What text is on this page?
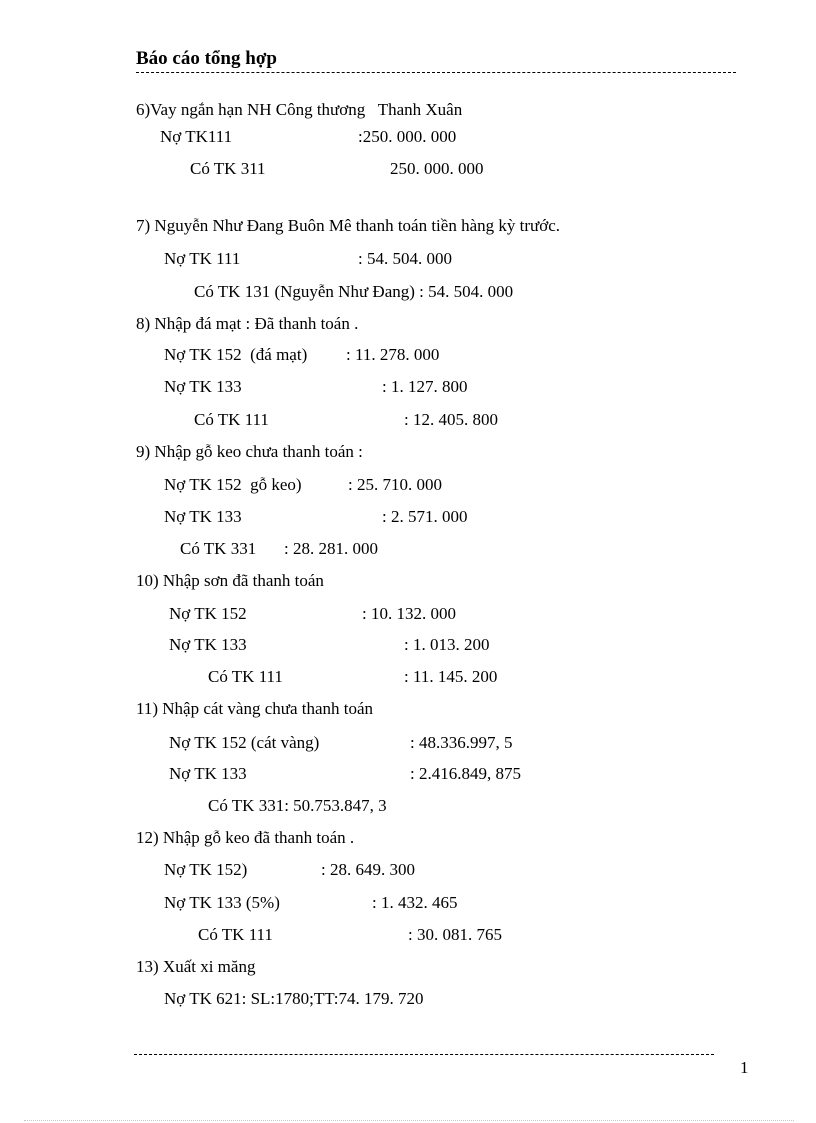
Báo cáo tổng hợp
6)Vay ngắn hạn NH Công thương   Thanh Xuân
Nợ TK111	:250. 000. 000
Có TK 311	250. 000. 000
7) Nguyễn Như Đang Buôn Mê thanh toán tiền hàng kỳ trước.
Nợ TK 111	: 54. 504. 000
Có TK 131 (Nguyễn Như Đang) : 54. 504. 000
8) Nhập đá mạt : Đã thanh toán .
Nợ TK 152  (đá mạt) : 11. 278. 000
Nợ TK 133	: 1. 127. 800
Có TK 111	: 12. 405. 800
9) Nhập gỗ keo chưa thanh toán :
Nợ TK 152  gỗ keo)	: 25. 710. 000
Nợ TK 133	: 2. 571. 000
Có TK 331 : 28. 281. 000
10) Nhập sơn đã thanh toán
Nợ TK 152	: 10. 132. 000
Nợ TK 133	: 1. 013. 200
Có TK 111	: 11. 145. 200
11) Nhập cát vàng chưa thanh toán
Nợ TK 152 (cát vàng)	: 48.336.997, 5
Nợ TK 133	: 2.416.849, 875
Có TK 331: 50.753.847, 3
12) Nhập gỗ keo đã thanh toán .
Nợ TK 152)	: 28. 649. 300
Nợ TK 133 (5%)	: 1. 432. 465
Có TK 111	: 30. 081. 765
13) Xuất xi măng
Nợ TK 621: SL:1780;TT:74. 179. 720
1
